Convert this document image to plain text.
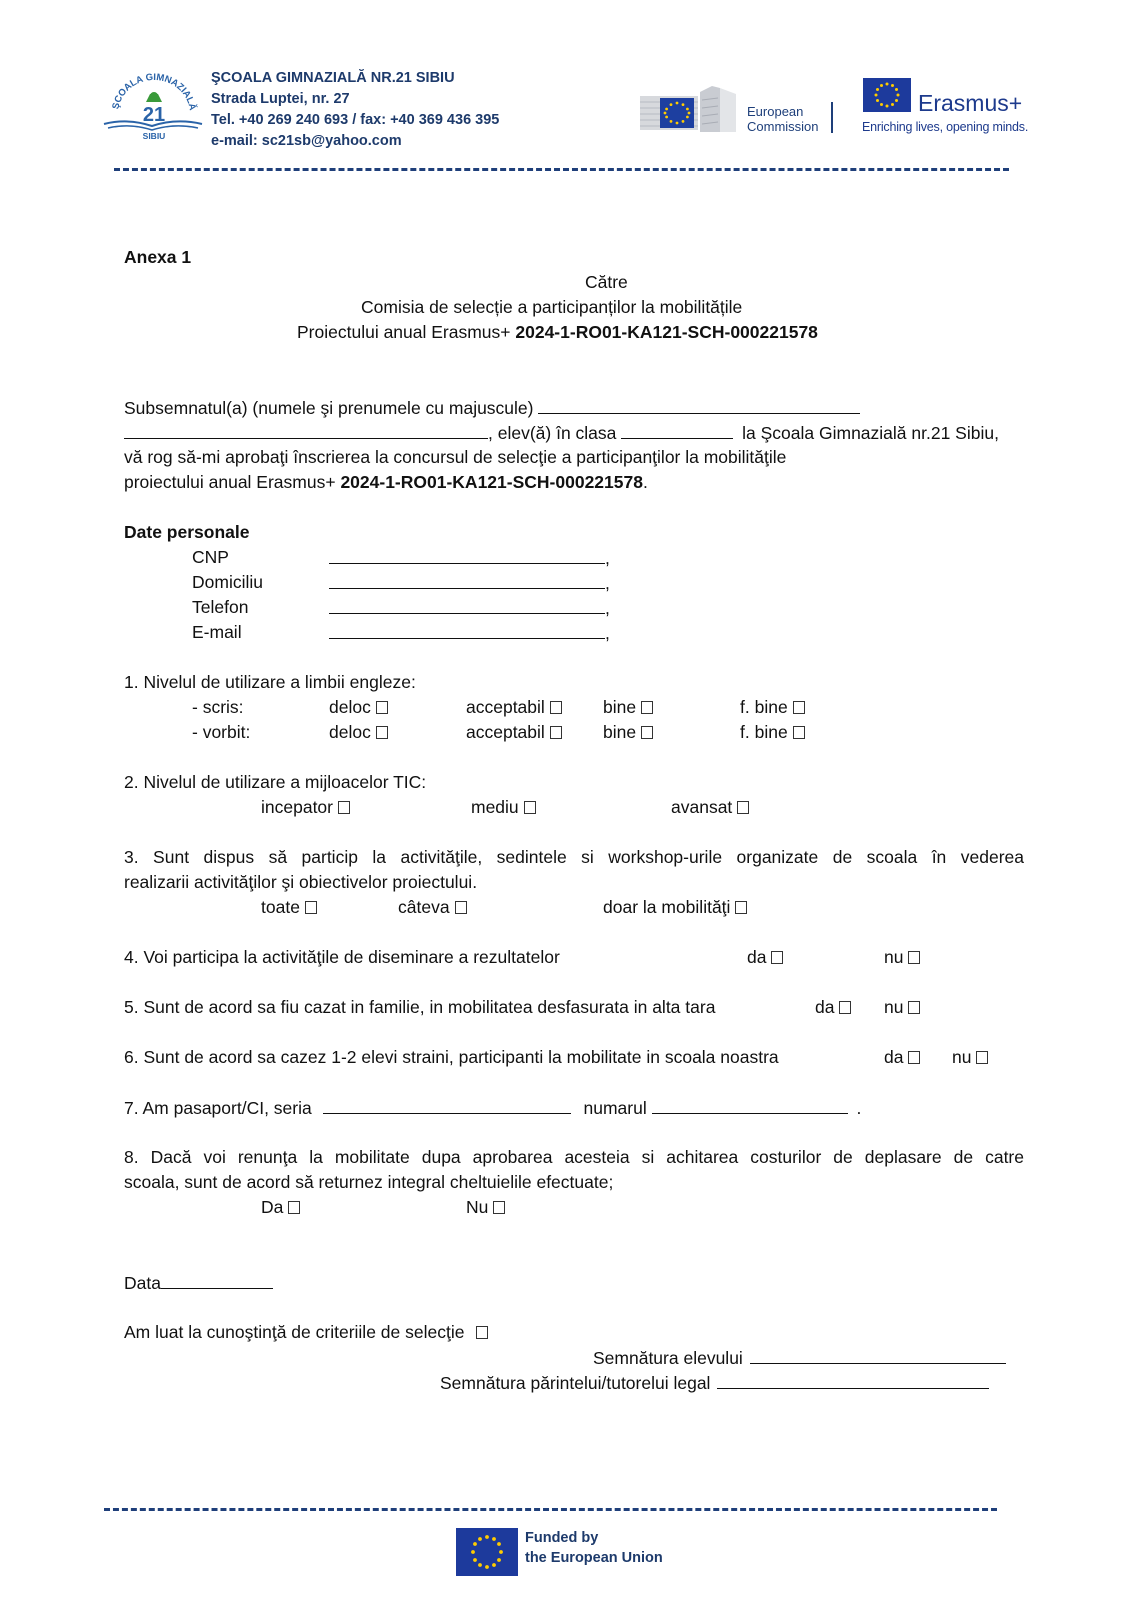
ŞCOALA GIMNAZIALĂ
21
SIBIU
ŞCOALA GIMNAZIALĂ NR.21 SIBIU
Strada Luptei, nr. 27
Tel. +40 269 240 693 / fax: +40 369 436 395
e-mail: sc21sb@yahoo.com
European
Commission
Erasmus+
Enriching lives, opening minds.
Anexa 1
Către
Comisia de selecție a participanților la mobilitățile
Proiectului anual Erasmus+ 2024-1-RO01-KA121-SCH-000221578
Subsemnatul(a) (numele şi prenumele cu majuscule)
, elev(ă) în clasa	la Şcoala Gimnazială nr.21 Sibiu,
vă rog să-mi aprobaţi înscrierea la concursul de selecţie a participanţilor la mobilităţile
proiectului anual Erasmus+ 2024-1-RO01-KA121-SCH-000221578.
Date personale
CNP	,
Domiciliu	,
Telefon	,
E-mail	,
1. Nivelul de utilizare a limbii engleze:
- scris:	deloc	acceptabil	bine	f. bine
- vorbit:	deloc	acceptabil	bine	f. bine
2. Nivelul de utilizare a mijloacelor TIC:
incepator	mediu	avansat
3. Sunt dispus să particip la activităţile, sedintele si workshop-urile organizate de scoala în vederea
realizarii activităţilor şi obiectivelor proiectului.
toate	câteva	doar la mobilităţi
4. Voi participa la activităţile de diseminare a rezultatelor	da	nu
5. Sunt de acord sa fiu cazat in familie, in mobilitatea desfasurata in alta tara	da	nu
6. Sunt de acord sa cazez 1-2 elevi straini, participanti la mobilitate in scoala noastra	da	nu
7. Am pasaport/CI, seria	numarul	.
8. Dacă voi renunţa la mobilitate dupa aprobarea acesteia si achitarea costurilor de deplasare de catre
scoala, sunt de acord să returnez integral cheltuielile efectuate;
Da	Nu
Data
Am luat la cunoştinţă de criteriile de selecţie
Semnătura elevului
Semnătura părintelui/tutorelui legal
Funded by
the European Union
